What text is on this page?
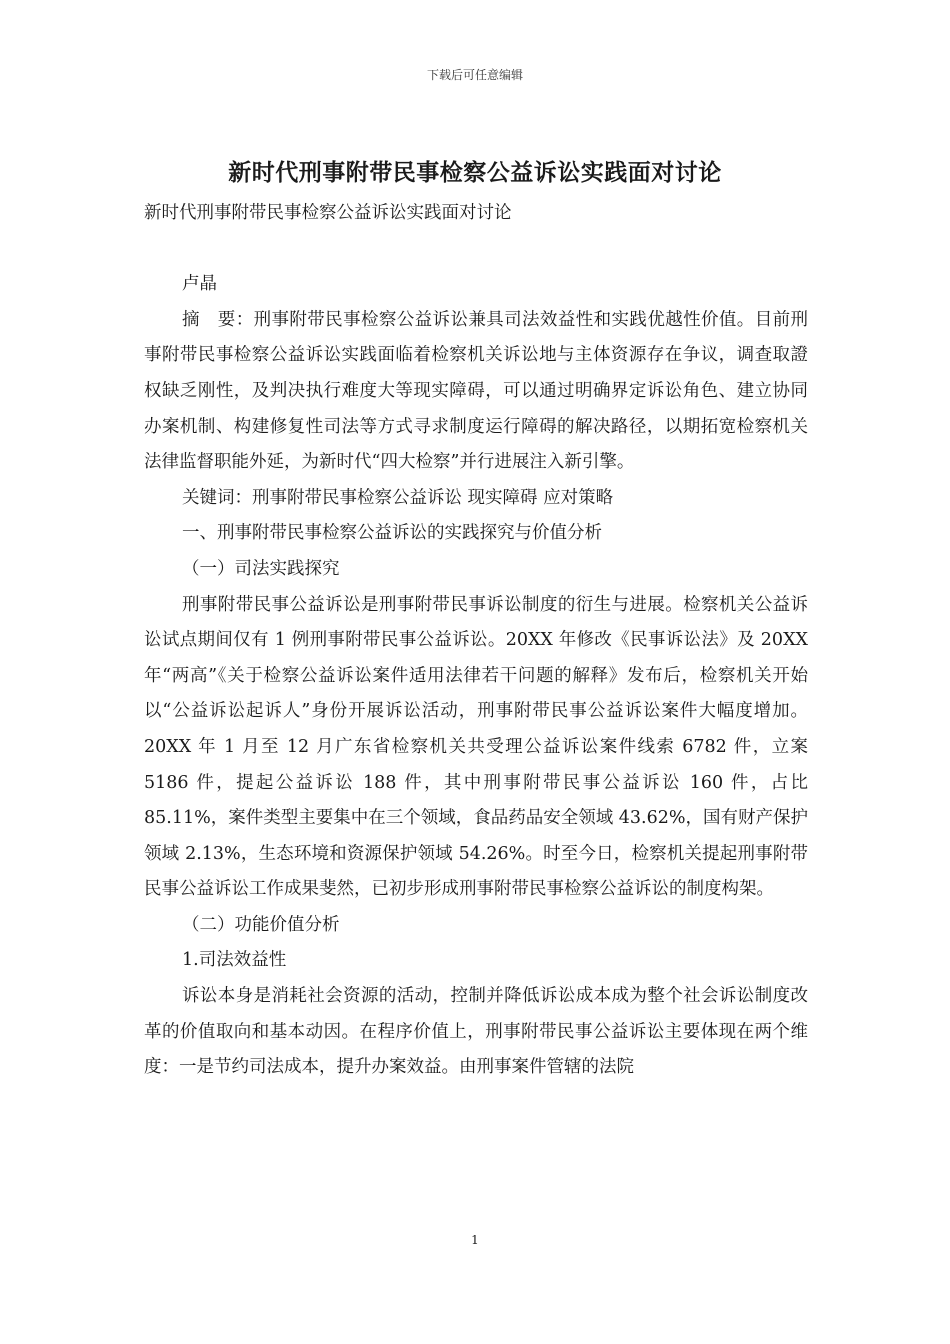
下载后可任意编辑
新时代刑事附带民事检察公益诉讼实践面对讨论

新时代刑事附带民事检察公益诉讼实践面对讨论

卢晶

摘　要：刑事附带民事检察公益诉讼兼具司法效益性和实践优越性价值。目前刑事附带民事检察公益诉讼实践面临着检察机关诉讼地与主体资源存在争议，调查取證权缺乏刚性，及判决执行难度大等现实障碍，可以通过明确界定诉讼角色、建立协同办案机制、构建修复性司法等方式寻求制度运行障碍的解决路径，以期拓宽检察机关法律监督职能外延，为新时代“四大检察”并行进展注入新引擎。

关键词：刑事附带民事检察公益诉讼 现实障碍 应对策略

一、刑事附带民事检察公益诉讼的实践探究与价值分析

（一）司法实践探究

刑事附带民事公益诉讼是刑事附带民事诉讼制度的衍生与进展。检察机关公益诉讼试点期间仅有 1 例刑事附带民事公益诉讼。20XX 年修改《民事诉讼法》及 20XX 年“两高”《关于检察公益诉讼案件适用法律若干问题的解释》发布后，检察机关开始以“公益诉讼起诉人”身份开展诉讼活动，刑事附带民事公益诉讼案件大幅度增加。20XX 年 1 月至 12 月广东省检察机关共受理公益诉讼案件线索 6782 件，立案 5186 件，提起公益诉讼 188 件，其中刑事附带民事公益诉讼 160 件，占比 85.11%，案件类型主要集中在三个领域，食品药品安全领域 43.62%，国有财产保护领域 2.13%，生态环境和资源保护领域 54.26%。时至今日，检察机关提起刑事附带民事公益诉讼工作成果斐然，已初步形成刑事附带民事检察公益诉讼的制度构架。

（二）功能价值分析

1.司法效益性

诉讼本身是消耗社会资源的活动，控制并降低诉讼成本成为整个社会诉讼制度改革的价值取向和基本动因。在程序价值上，刑事附带民事公益诉讼主要体现在两个维度：一是节约司法成本，提升办案效益。由刑事案件管辖的法院

1
